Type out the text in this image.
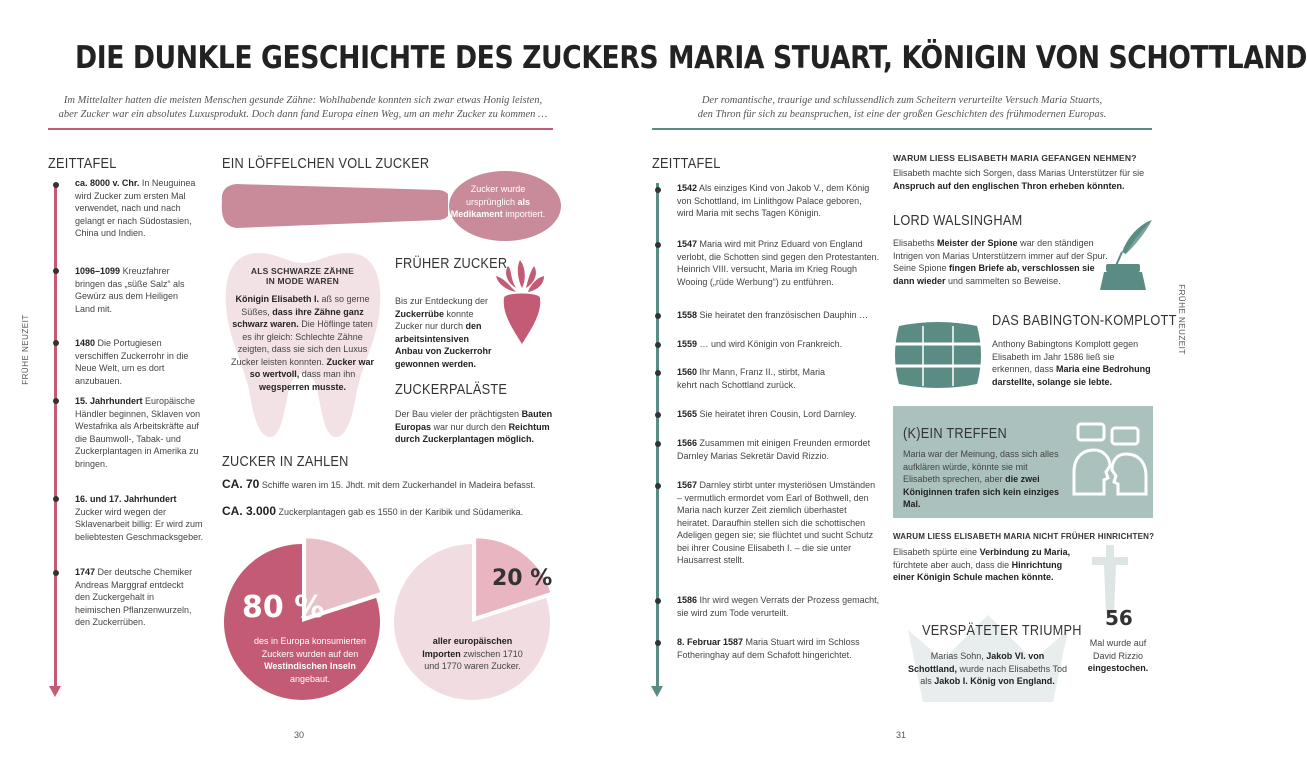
DIE DUNKLE GESCHICHTE DES ZUCKERS
Im Mittelalter hatten die meisten Menschen gesunde Zähne: Wohlhabende konnten sich zwar etwas Honig leisten,
aber Zucker war ein absolutes Luxusprodukt. Doch dann fand Europa einen Weg, um an mehr Zucker zu kommen …
ZEITTAFEL
ca. 8000 v. Chr. In Neuguinea wird Zucker zum ersten Mal verwendet, nach und nach gelangt er nach Südostasien, China und Indien.
1096–1099 Kreuzfahrer bringen das „süße Salz“ als Gewürz aus dem Heiligen Land mit.
1480 Die Portugiesen verschiffen Zuckerrohr in die Neue Welt, um es dort anzubauen.
15. Jahrhundert Europäische Händler beginnen, Sklaven von Westafrika als Arbeitskräfte auf die Baumwoll-, Tabak- und Zuckerplantagen in Amerika zu bringen.
16. und 17. Jahrhundert Zucker wird wegen der Sklavenarbeit billig: Er wird zum beliebtesten Geschmacksgeber.
1747 Der deutsche Chemiker Andreas Marggraf entdeckt den Zuckergehalt in heimischen Pflanzenwurzeln, den Zuckerrüben.
FRÜHE NEUZEIT
EIN LÖFFELCHEN VOLL ZUCKER
Zucker wurde ursprünglich als Medikament importiert.
ALS SCHWARZE ZÄHNE
IN MODE WAREN
Königin Elisabeth I. aß so gerne Süßes, dass ihre Zähne ganz schwarz waren. Die Höflinge taten es ihr gleich: Schlechte Zähne zeigten, dass sie sich den Luxus Zucker leisten konnten. Zucker war so wertvoll, dass man ihn wegsperren musste.
FRÜHER ZUCKER
Bis zur Entdeckung der Zuckerrübe konnte Zucker nur durch den arbeitsintensiven Anbau von Zuckerrohr gewonnen werden.
ZUCKERPALÄSTE
Der Bau vieler der prächtigsten Bauten Europas war nur durch den Reichtum durch Zuckerplantagen möglich.
ZUCKER IN ZAHLEN
CA. 70 Schiffe waren im 15. Jhdt. mit dem Zuckerhandel in Madeira befasst.
CA. 3.000 Zuckerplantagen gab es 1550 in der Karibik und Südamerika.
80 %
des in Europa konsumierten Zuckers wurden auf den Westindischen Inseln angebaut.
20 %
aller europäischen Importen zwischen 1710 und 1770 waren Zucker.
30
MARIA STUART, KÖNIGIN VON SCHOTTLAND
Der romantische, traurige und schlussendlich zum Scheitern verurteilte Versuch Maria Stuarts,
den Thron für sich zu beanspruchen, ist eine der großen Geschichten des frühmodernen Europas.
ZEITTAFEL
1542 Als einziges Kind von Jakob V., dem König von Schottland, im Linlithgow Palace geboren, wird Maria mit sechs Tagen Königin.
1547 Maria wird mit Prinz Eduard von England verlobt, die Schotten sind gegen den Protestanten. Heinrich VIII. versucht, Maria im Krieg Rough Wooing („rüde Werbung“) zu entführen.
1558 Sie heiratet den französischen Dauphin …
1559 … und wird Königin von Frankreich.
1560 Ihr Mann, Franz II., stirbt, Maria kehrt nach Schottland zurück.
1565 Sie heiratet ihren Cousin, Lord Darnley.
1566 Zusammen mit einigen Freunden ermordet Darnley Marias Sekretär David Rizzio.
1567 Darnley stirbt unter mysteriösen Umständen – vermutlich ermordet vom Earl of Bothwell, den Maria nach kurzer Zeit ziemlich überhastet heiratet. Daraufhin stellen sich die schottischen Adeligen gegen sie; sie flüchtet und sucht Schutz bei ihrer Cousine Elisabeth I. – die sie unter Hausarrest stellt.
1586 Ihr wird wegen Verrats der Prozess gemacht, sie wird zum Tode verurteilt.
8. Februar 1587 Maria Stuart wird im Schloss Fotheringhay auf dem Schafott hingerichtet.
WARUM LIESS ELISABETH MARIA GEFANGEN NEHMEN?
Elisabeth machte sich Sorgen, dass Marias Unterstützer für sie Anspruch auf den englischen Thron erheben könnten.
LORD WALSINGHAM
Elisabeths Meister der Spione war den ständigen Intrigen von Marias Unterstützern immer auf der Spur. Seine Spione fingen Briefe ab, verschlossen sie dann wieder und sammelten so Beweise.
DAS BABINGTON-KOMPLOTT
Anthony Babingtons Komplott gegen Elisabeth im Jahr 1586 ließ sie erkennen, dass Maria eine Bedrohung darstellte, solange sie lebte.
(K)EIN TREFFEN
Maria war der Meinung, dass sich alles aufklären würde, könnte sie mit Elisabeth sprechen, aber die zwei Königinnen trafen sich kein einziges Mal.
WARUM LIESS ELISABETH MARIA NICHT FRÜHER HINRICHTEN?
Elisabeth spürte eine Verbindung zu Maria, fürchtete aber auch, dass die Hinrichtung einer Königin Schule machen könnte.
VERSPÄTETER TRIUMPH
Marias Sohn, Jakob VI. von Schottland, wurde nach Elisabeths Tod als Jakob I. König von England.
56
Mal wurde auf David Rizzio eingestochen.
FRÜHE NEUZEIT
31
